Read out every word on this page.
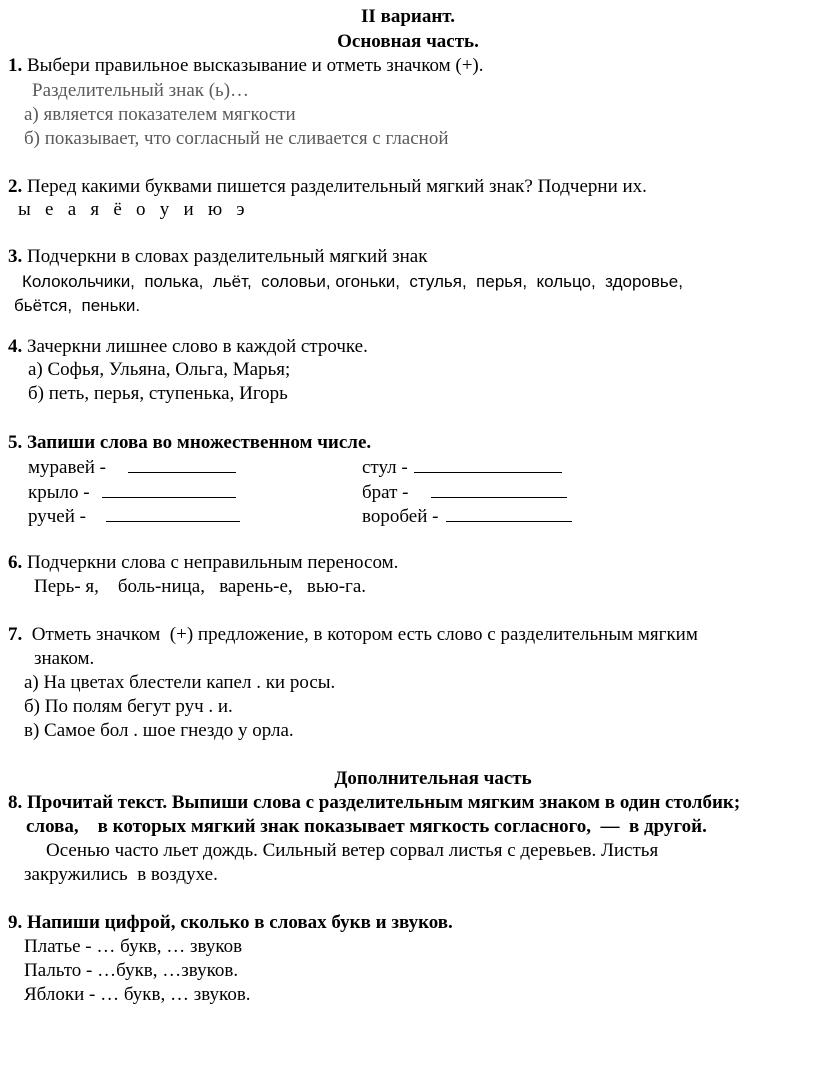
II вариант.
Основная часть.
1. Выбери правильное высказывание и отметь значком (+).
Разделительный знак (ь)…
а) является показателем мягкости
б) показывает, что согласный не сливается с гласной
2. Перед какими буквами пишется разделительный мягкий знак? Подчерни их.
ы   е   а   я   ё   о   у   и   ю   э
3. Подчеркни в словах разделительный мягкий знак
Колокольчики,  полька,  льёт,  соловьи, огоньки,  стулья,  перья,  кольцо,  здоровье,
бьётся,  пеньки.
4. Зачеркни лишнее слово в каждой строчке.
а) Софья, Ульяна, Ольга, Марья;
б) петь, перья, ступенька, Игорь
5. Запиши слова во множественном числе.
муравей -	стул -
крыло -	брат -
ручей -	воробей -
6. Подчеркни слова с неправильным переносом.
Перь- я,    боль-ница,   варень-е,   вью-га.
7.  Отметь значком  (+) предложение, в котором есть слово с разделительным мягким
знаком.
а) На цветах блестели капел . ки росы.
б) По полям бегут руч . и.
в) Самое бол . шое гнездо у орла.
Дополнительная часть
8. Прочитай текст. Выпиши слова с разделительным мягким знаком в один столбик;
слова,    в которых мягкий знак показывает мягкость согласного,  —  в другой.
Осенью часто льет дождь. Сильный ветер сорвал листья с деревьев. Листья
закружились  в воздухе.
9. Напиши цифрой, сколько в словах букв и звуков.
Платье - … букв, … звуков
Пальто - …букв, …звуков.
Яблоки - … букв, … звуков.
